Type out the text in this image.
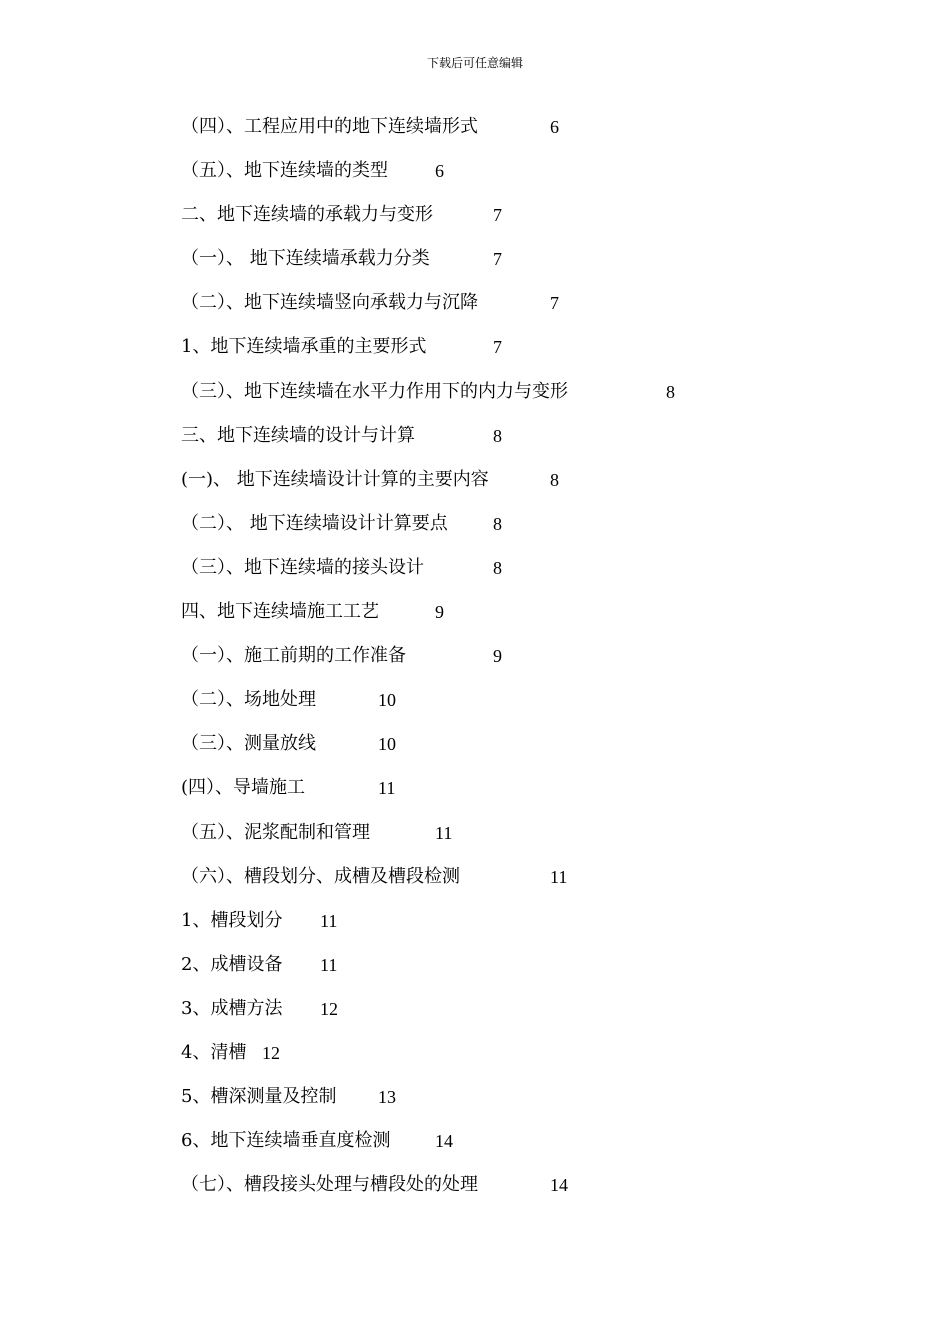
下载后可任意编辑
（四）、工程应用中的地下连续墙形式	6
（五）、地下连续墙的类型	6
二、地下连续墙的承载力与变形	7
（一）、 地下连续墙承载力分类	7
（二）、地下连续墙竖向承载力与沉降	7
1、地下连续墙承重的主要形式	7
（三）、地下连续墙在水平力作用下的内力与变形	8
三、地下连续墙的设计与计算	8
(一)、 地下连续墙设计计算的主要内容	8
（二）、 地下连续墙设计计算要点	8
（三）、地下连续墙的接头设计	8
四、地下连续墙施工工艺	9
（一）、施工前期的工作准备	9
（二）、场地处理	10
（三）、测量放线	10
(四）、导墙施工	11
（五）、泥浆配制和管理	11
（六）、槽段划分、成槽及槽段检测	11
1、槽段划分 11
2、成槽设备 11
3、成槽方法 12
4、清槽 12
5、槽深测量及控制 13
6、地下连续墙垂直度检测 14
（七）、槽段接头处理与槽段处的处理	14
